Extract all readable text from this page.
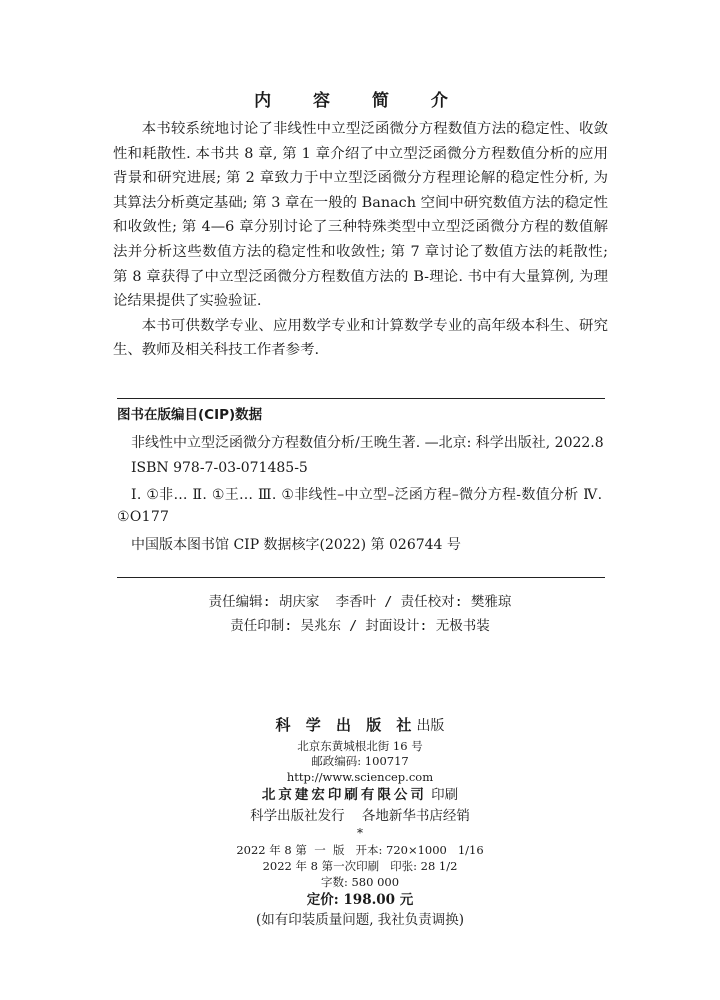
内 容 简 介

本书较系统地讨论了非线性中立型泛函微分方程数值方法的稳定性、收敛性和耗散性. 本书共 8 章, 第 1 章介绍了中立型泛函微分方程数值分析的应用背景和研究进展; 第 2 章致力于中立型泛函微分方程理论解的稳定性分析, 为其算法分析奠定基础; 第 3 章在一般的 Banach 空间中研究数值方法的稳定性和收敛性; 第 4—6 章分别讨论了三种特殊类型中立型泛函微分方程的数值解法并分析这些数值方法的稳定性和收敛性; 第 7 章讨论了数值方法的耗散性; 第 8 章获得了中立型泛函微分方程数值方法的 B-理论. 书中有大量算例, 为理论结果提供了实验验证.

本书可供数学专业、应用数学专业和计算数学专业的高年级本科生、研究生、教师及相关科技工作者参考.

图书在版编目(CIP)数据
非线性中立型泛函微分方程数值分析/王晚生著. —北京: 科学出版社, 2022.8
ISBN 978-7-03-071485-5
Ⅰ. ①非… Ⅱ. ①王… Ⅲ. ①非线性–中立型–泛函方程–微分方程-数值分析 Ⅳ. ①O177
中国版本图书馆 CIP 数据核字(2022) 第 026744 号
责任编辑: 胡庆家  李香叶 / 责任校对: 樊雅琼
责任印制: 吴兆东 / 封面设计: 无极书装
科 学 出 版 社出版
北京东黄城根北街 16 号
邮政编码: 100717
http://www.sciencep.com
北京建宏印刷有限公司 印刷
科学出版社发行    各地新华书店经销
*
2022 年 8 第  一  版   开本: 720×1000   1/16
2022 年 8 第一次印刷   印张: 28 1/2
字数: 580 000
定价: 198.00 元
(如有印装质量问题, 我社负责调换)
